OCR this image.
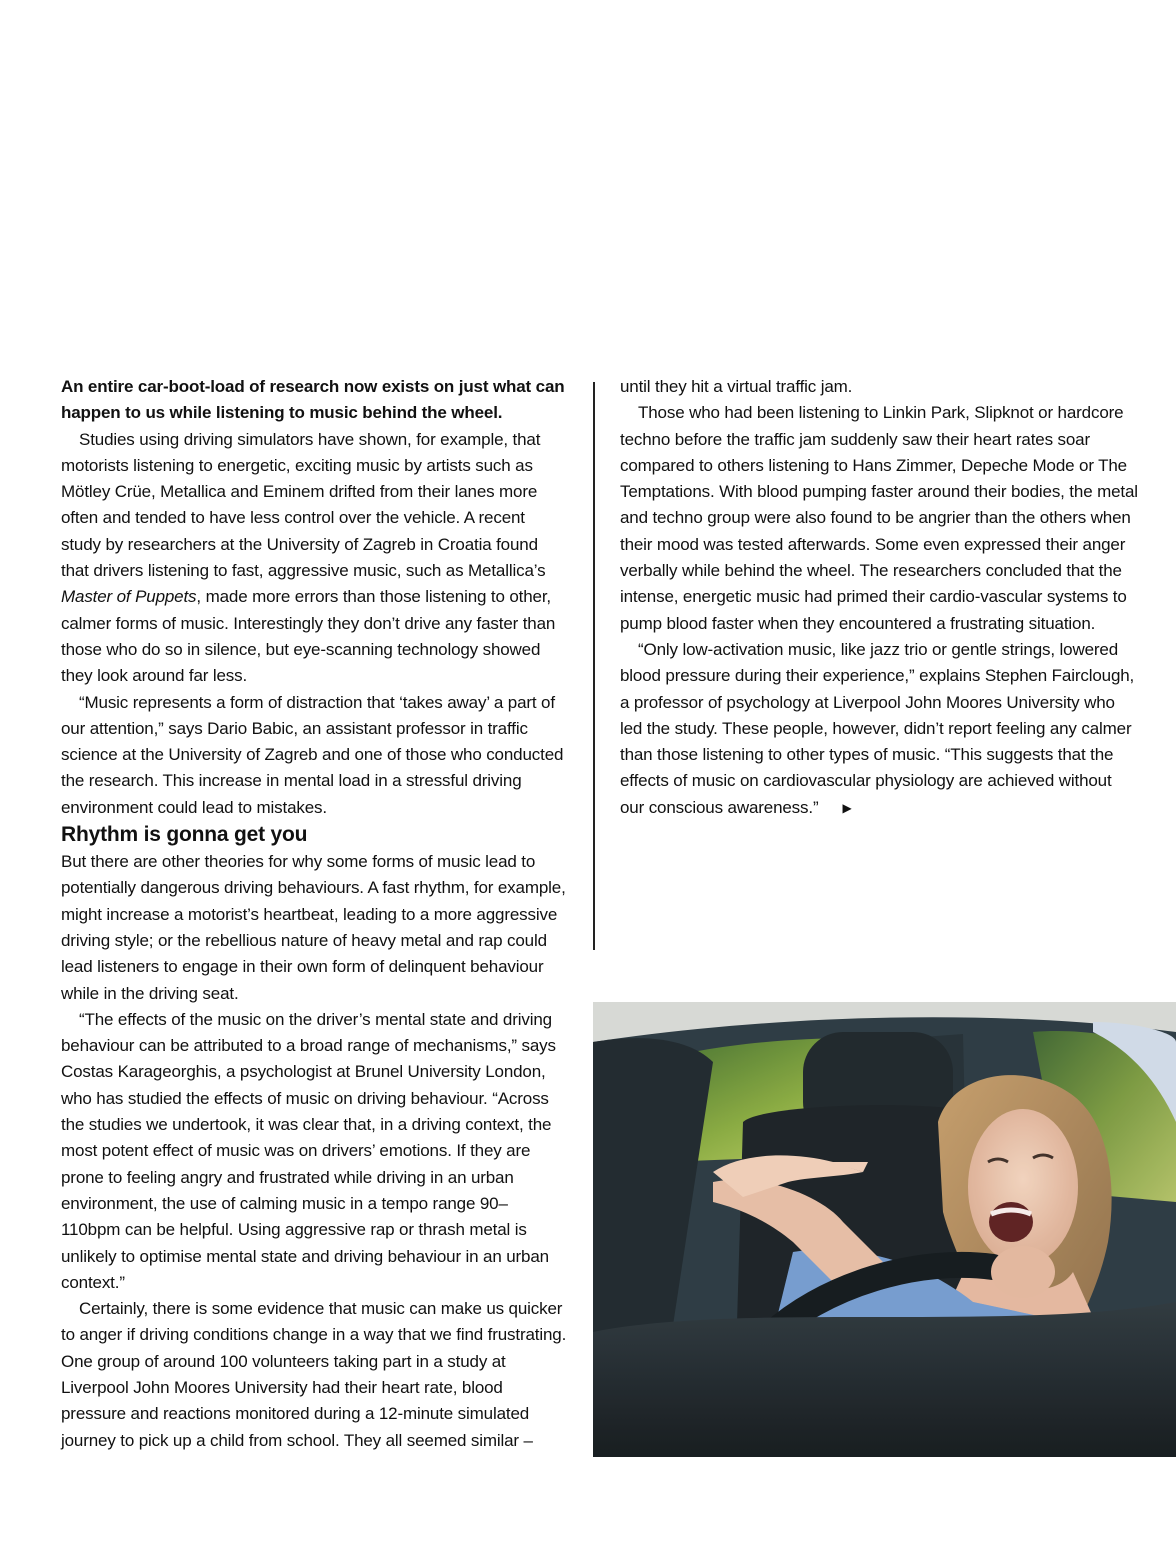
An entire car-boot-load of research now exists on just what can happen to us while listening to music behind the wheel.

Studies using driving simulators have shown, for example, that motorists listening to energetic, exciting music by artists such as Mötley Crüe, Metallica and Eminem drifted from their lanes more often and tended to have less control over the vehicle. A recent study by researchers at the University of Zagreb in Croatia found that drivers listening to fast, aggressive music, such as Metallica’s Master of Puppets, made more errors than those listening to other, calmer forms of music. Interestingly they don’t drive any faster than those who do so in silence, but eye-scanning technology showed they look around far less.

“Music represents a form of distraction that ‘takes away’ a part of our attention,” says Dario Babic, an assistant professor in traffic science at the University of Zagreb and one of those who conducted the research. This increase in mental load in a stressful driving environment could lead to mistakes.

Rhythm is gonna get you

But there are other theories for why some forms of music lead to potentially dangerous driving behaviours. A fast rhythm, for example, might increase a motorist’s heartbeat, leading to a more aggressive driving style; or the rebellious nature of heavy metal and rap could lead listeners to engage in their own form of delinquent behaviour while in the driving seat.

“The effects of the music on the driver’s mental state and driving behaviour can be attributed to a broad range of mechanisms,” says Costas Karageorghis, a psychologist at Brunel University London, who has studied the effects of music on driving behaviour. “Across the studies we undertook, it was clear that, in a driving context, the most potent effect of music was on drivers’ emotions. If they are prone to feeling angry and frustrated while driving in an urban environment, the use of calming music in a tempo range 90–110bpm can be helpful. Using aggressive rap or thrash metal is unlikely to optimise mental state and driving behaviour in an urban context.”

Certainly, there is some evidence that music can make us quicker to anger if driving conditions change in a way that we find frustrating. One group of around 100 volunteers taking part in a study at Liverpool John Moores University had their heart rate, blood pressure and reactions monitored during a 12-minute simulated journey to pick up a child from school. They all seemed similar –

until they hit a virtual traffic jam.

Those who had been listening to Linkin Park, Slipknot or hardcore techno before the traffic jam suddenly saw their heart rates soar compared to others listening to Hans Zimmer, Depeche Mode or The Temptations. With blood pumping faster around their bodies, the metal and techno group were also found to be angrier than the others when their mood was tested afterwards. Some even expressed their anger verbally while behind the wheel. The researchers concluded that the intense, energetic music had primed their cardio-vascular systems to pump blood faster when they encountered a frustrating situation.

“Only low-activation music, like jazz trio or gentle strings, lowered blood pressure during their experience,” explains Stephen Fairclough, a professor of psychology at Liverpool John Moores University who led the study. These people, however, didn’t report feeling any calmer than those listening to other types of music. “This suggests that the effects of music on cardiovascular physiology are achieved without our conscious awareness.” ▶
